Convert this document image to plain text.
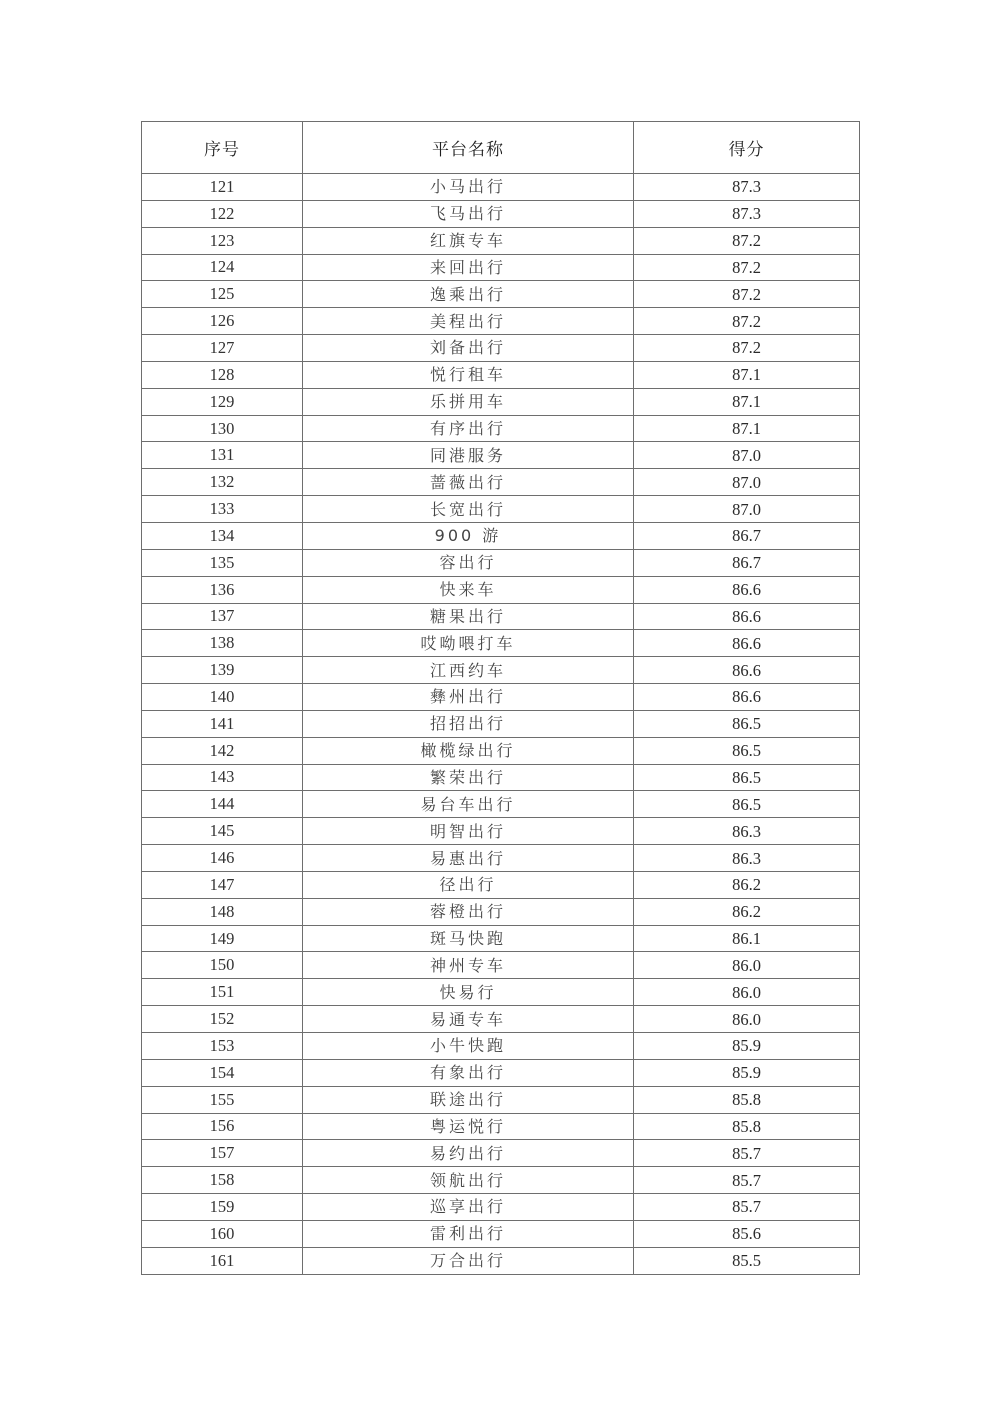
序号	平台名称	得分
121	小马出行	87.3
122	飞马出行	87.3
123	红旗专车	87.2
124	来回出行	87.2
125	逸乘出行	87.2
126	美程出行	87.2
127	刘备出行	87.2
128	悦行租车	87.1
129	乐拼用车	87.1
130	有序出行	87.1
131	同港服务	87.0
132	蔷薇出行	87.0
133	长宽出行	87.0
134	900 游	86.7
135	容出行	86.7
136	快来车	86.6
137	糖果出行	86.6
138	哎呦喂打车	86.6
139	江西约车	86.6
140	彝州出行	86.6
141	招招出行	86.5
142	橄榄绿出行	86.5
143	繁荣出行	86.5
144	易台车出行	86.5
145	明智出行	86.3
146	易惠出行	86.3
147	径出行	86.2
148	蓉橙出行	86.2
149	斑马快跑	86.1
150	神州专车	86.0
151	快易行	86.0
152	易通专车	86.0
153	小牛快跑	85.9
154	有象出行	85.9
155	联途出行	85.8
156	粤运悦行	85.8
157	易约出行	85.7
158	领航出行	85.7
159	巡享出行	85.7
160	雷利出行	85.6
161	万合出行	85.5
